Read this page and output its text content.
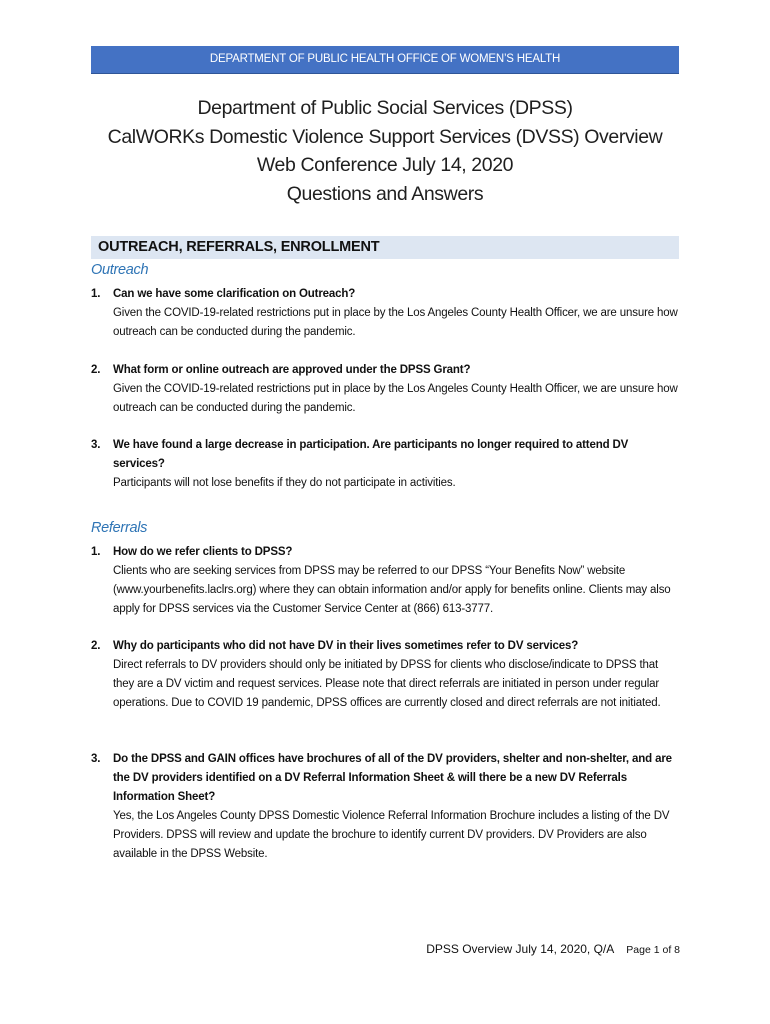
DEPARTMENT OF PUBLIC HEALTH OFFICE OF WOMEN’S HEALTH
Department of Public Social Services (DPSS)
CalWORKs Domestic Violence Support Services (DVSS) Overview
Web Conference July 14, 2020
Questions and Answers
OUTREACH, REFERRALS, ENROLLMENT
Outreach
1. Can we have some clarification on Outreach?
Given the COVID-19-related restrictions put in place by the Los Angeles County Health Officer, we are unsure how outreach can be conducted during the pandemic.
2. What form or online outreach are approved under the DPSS Grant?
Given the COVID-19-related restrictions put in place by the Los Angeles County Health Officer, we are unsure how outreach can be conducted during the pandemic.
3. We have found a large decrease in participation. Are participants no longer required to attend DV services?
Participants will not lose benefits if they do not participate in activities.
Referrals
1. How do we refer clients to DPSS?
Clients who are seeking services from DPSS may be referred to our DPSS “Your Benefits Now” website (www.yourbenefits.laclrs.org) where they can obtain information and/or apply for benefits online. Clients may also apply for DPSS services via the Customer Service Center at (866) 613-3777.
2. Why do participants who did not have DV in their lives sometimes refer to DV services?
Direct referrals to DV providers should only be initiated by DPSS for clients who disclose/indicate to DPSS that they are a DV victim and request services. Please note that direct referrals are initiated in person under regular operations. Due to COVID 19 pandemic, DPSS offices are currently closed and direct referrals are not initiated.
3. Do the DPSS and GAIN offices have brochures of all of the DV providers, shelter and non-shelter, and are the DV providers identified on a DV Referral Information Sheet & will there be a new DV Referrals Information Sheet?
Yes, the Los Angeles County DPSS Domestic Violence Referral Information Brochure includes a listing of the DV Providers. DPSS will review and update the brochure to identify current DV providers. DV Providers are also available in the DPSS Website.
DPSS Overview July 14, 2020, Q/A Page 1 of 8
